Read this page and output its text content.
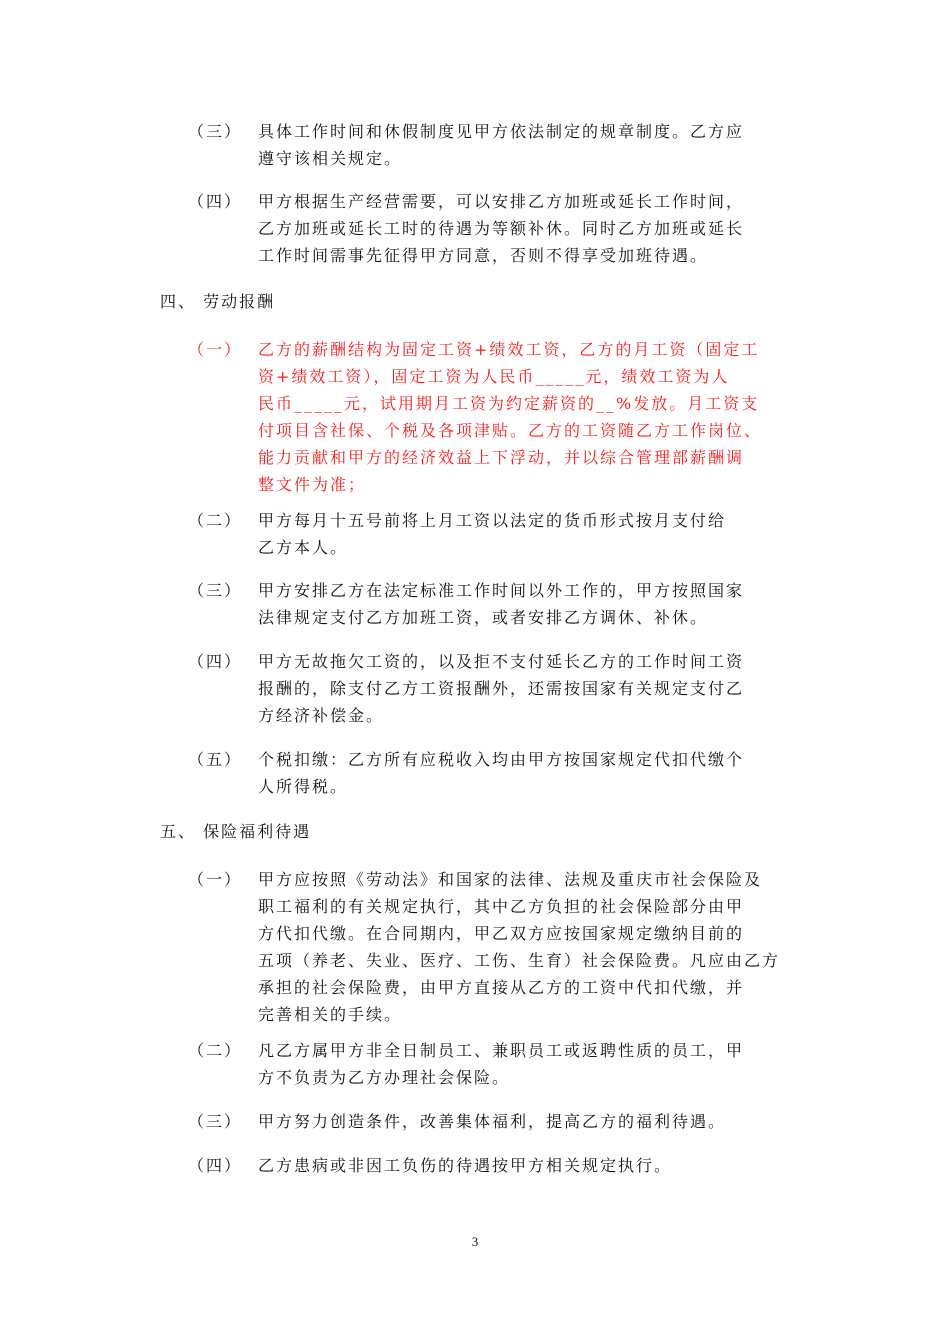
（三） 具体工作时间和休假制度见甲方依法制定的规章制度。乙方应
遵守该相关规定。
（四） 甲方根据生产经营需要，可以安排乙方加班或延长工作时间，
乙方加班或延长工时的待遇为等额补休。同时乙方加班或延长
工作时间需事先征得甲方同意，否则不得享受加班待遇。
四、 劳动报酬
（一） 乙方的薪酬结构为固定工资+绩效工资，乙方的月工资（固定工
资+绩效工资），固定工资为人民币_____元，绩效工资为人
民币_____元，试用期月工资为约定薪资的__%发放。月工资支
付项目含社保、个税及各项津贴。乙方的工资随乙方工作岗位、
能力贡献和甲方的经济效益上下浮动，并以综合管理部薪酬调
整文件为准；
（二） 甲方每月十五号前将上月工资以法定的货币形式按月支付给
乙方本人。
（三） 甲方安排乙方在法定标准工作时间以外工作的，甲方按照国家
法律规定支付乙方加班工资，或者安排乙方调休、补休。
（四） 甲方无故拖欠工资的，以及拒不支付延长乙方的工作时间工资
报酬的，除支付乙方工资报酬外，还需按国家有关规定支付乙
方经济补偿金。
（五） 个税扣缴：乙方所有应税收入均由甲方按国家规定代扣代缴个
人所得税。
五、 保险福利待遇
（一） 甲方应按照《劳动法》和国家的法律、法规及重庆市社会保险及
职工福利的有关规定执行，其中乙方负担的社会保险部分由甲
方代扣代缴。在合同期内，甲乙双方应按国家规定缴纳目前的
五项（养老、失业、医疗、工伤、生育）社会保险费。凡应由乙方
承担的社会保险费，由甲方直接从乙方的工资中代扣代缴，并
完善相关的手续。
（二） 凡乙方属甲方非全日制员工、兼职员工或返聘性质的员工，甲
方不负责为乙方办理社会保险。
（三） 甲方努力创造条件，改善集体福利，提高乙方的福利待遇。
（四） 乙方患病或非因工负伤的待遇按甲方相关规定执行。
3
